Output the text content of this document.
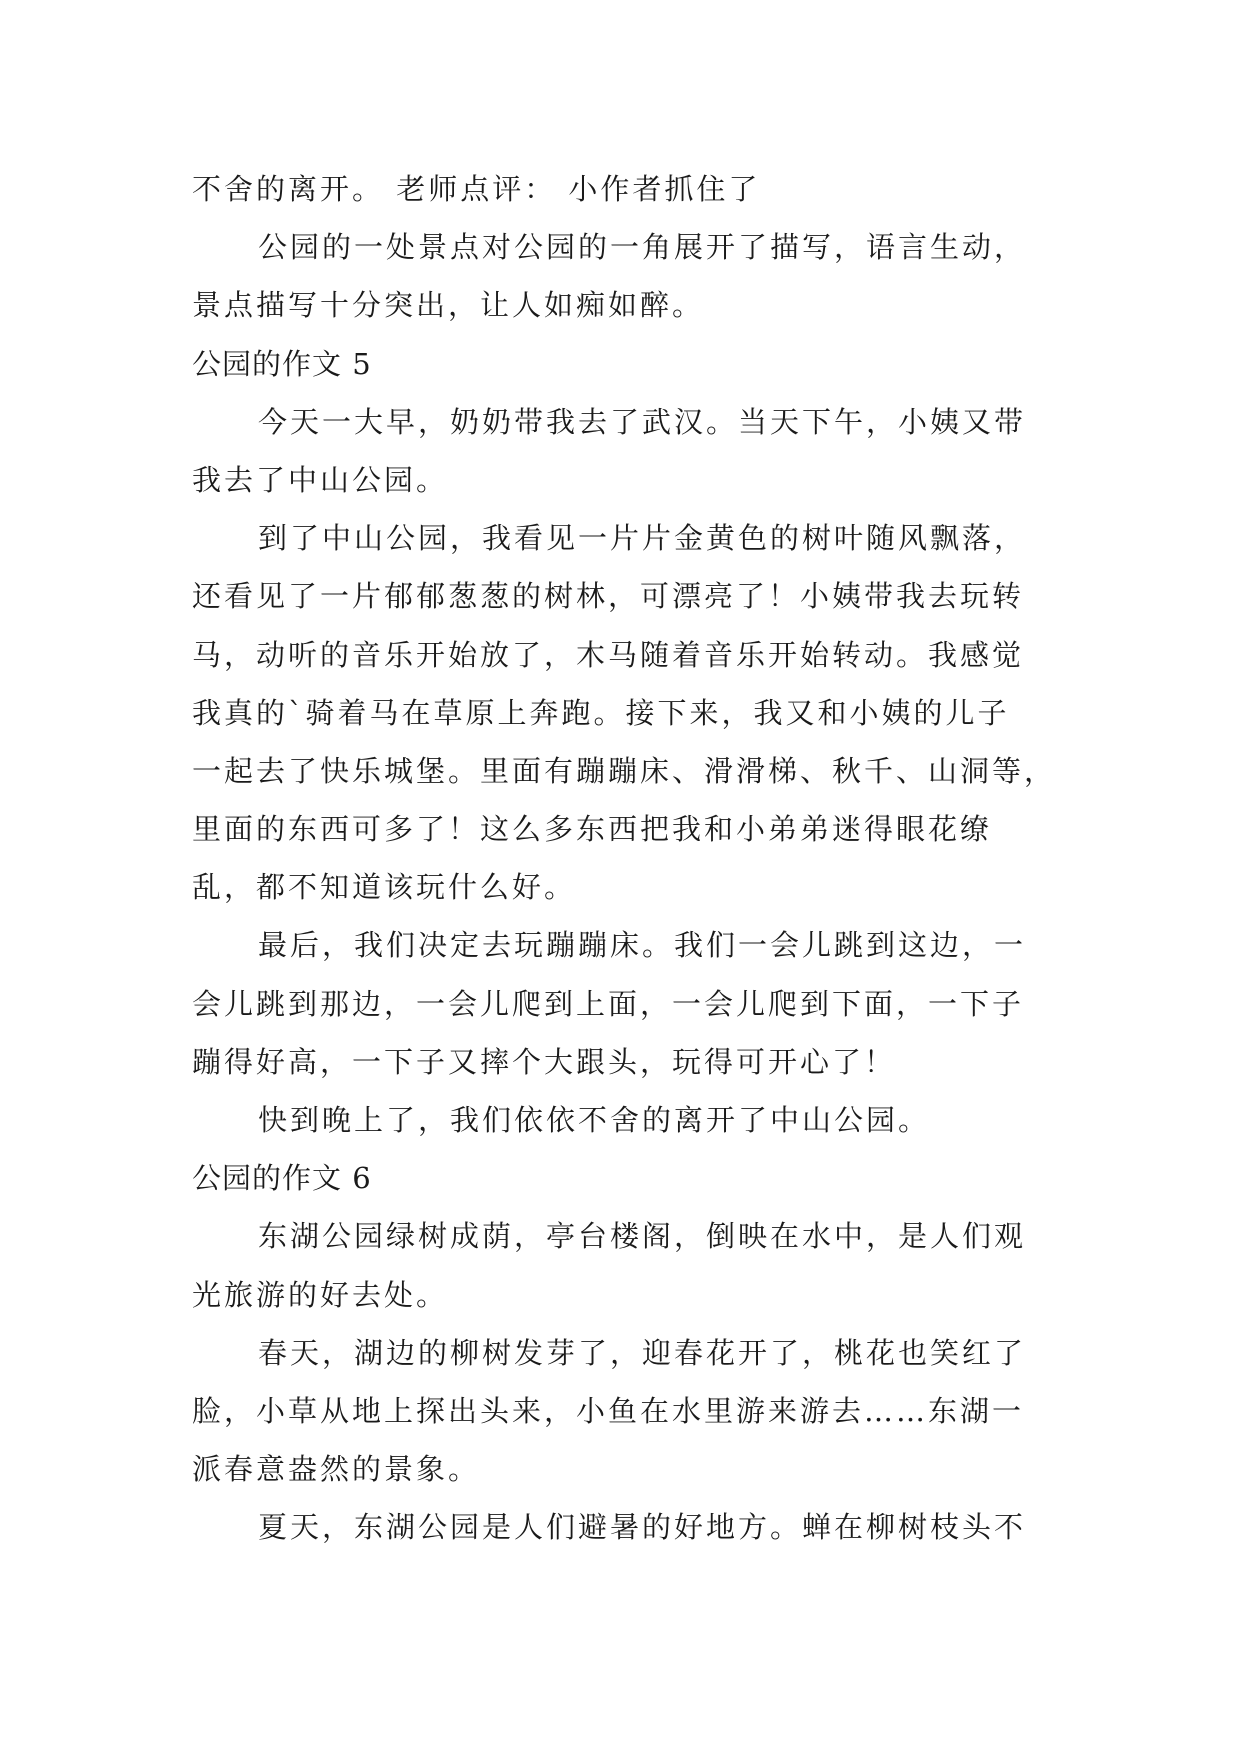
不舍的离开。 老师点评： 小作者抓住了
公园的一处景点对公园的一角展开了描写，语言生动，
景点描写十分突出，让人如痴如醉。
公园的作文 5
今天一大早，奶奶带我去了武汉。当天下午，小姨又带
我去了中山公园。
到了中山公园，我看见一片片金黄色的树叶随风飘落，
还看见了一片郁郁葱葱的树林，可漂亮了！小姨带我去玩转
马，动听的音乐开始放了，木马随着音乐开始转动。我感觉
我真的`骑着马在草原上奔跑。接下来，我又和小姨的儿子
一起去了快乐城堡。里面有蹦蹦床、滑滑梯、秋千、山洞等，
里面的东西可多了！这么多东西把我和小弟弟迷得眼花缭
乱，都不知道该玩什么好。
最后，我们决定去玩蹦蹦床。我们一会儿跳到这边，一
会儿跳到那边，一会儿爬到上面，一会儿爬到下面，一下子
蹦得好高，一下子又摔个大跟头，玩得可开心了！
快到晚上了，我们依依不舍的离开了中山公园。
公园的作文 6
东湖公园绿树成荫，亭台楼阁，倒映在水中，是人们观
光旅游的好去处。
春天，湖边的柳树发芽了，迎春花开了，桃花也笑红了
脸，小草从地上探出头来，小鱼在水里游来游去……东湖一
派春意盎然的景象。
夏天，东湖公园是人们避暑的好地方。蝉在柳树枝头不
